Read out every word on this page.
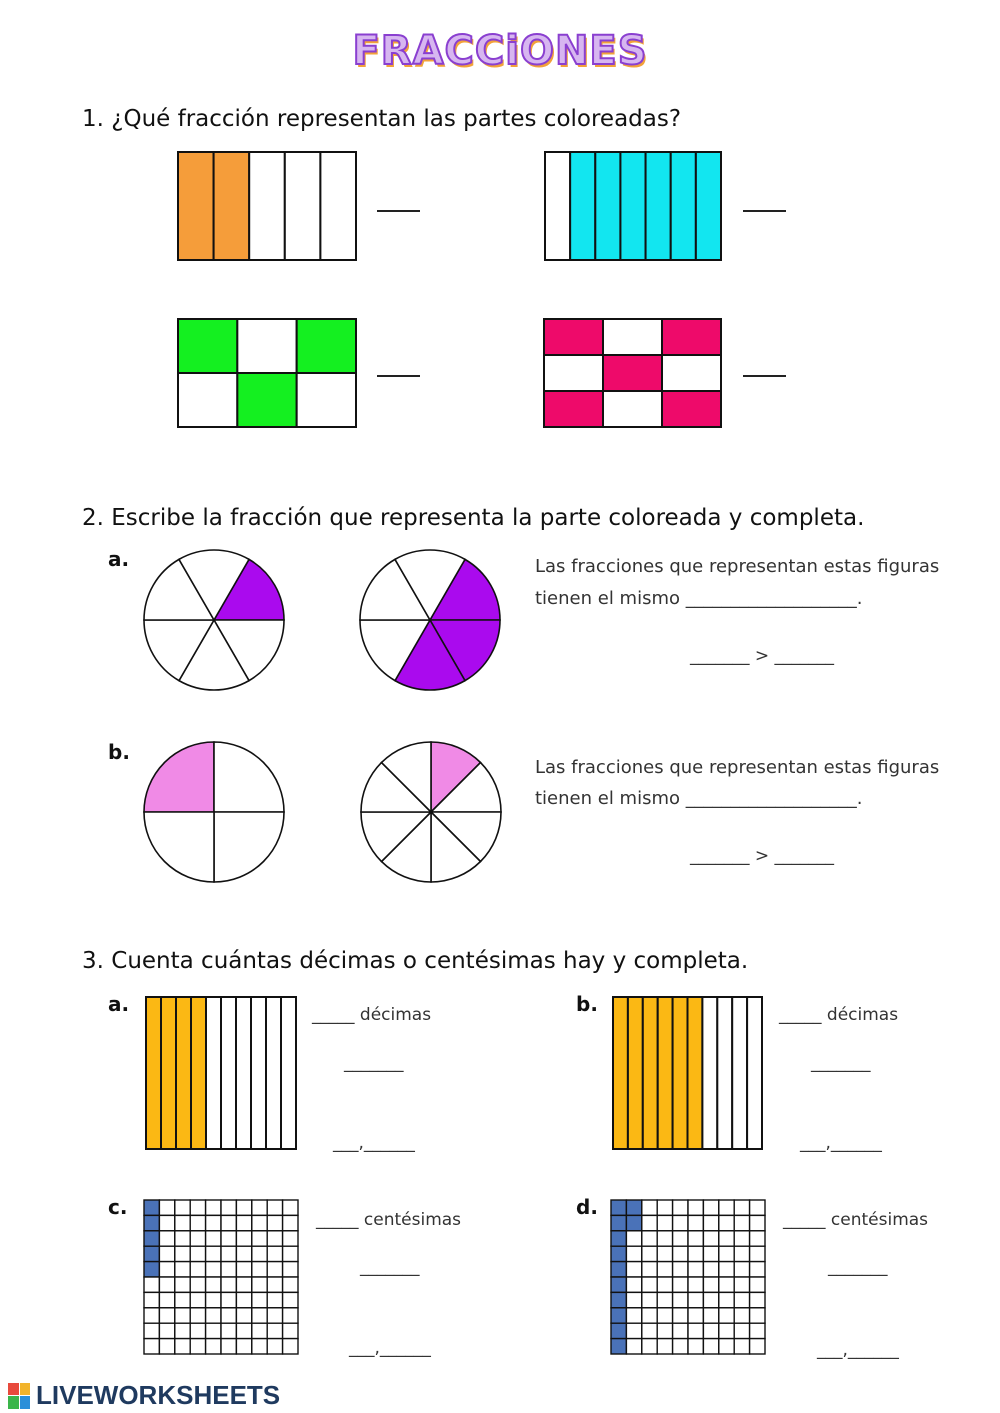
FRACCiONES
1. ¿Qué fracción representan las partes coloreadas?
2. Escribe la fracción que representa la parte coloreada y completa.
a.	Las fracciones que representan estas figuras
tienen el mismo ___________________.
_______ > _______
b.
Las fracciones que representan estas figuras
tienen el mismo ___________________.
_______ > _______
3. Cuenta cuántas décimas o centésimas hay y completa.
a.	_____ décimas
_______
___,______
b.	_____ décimas
_______
___,______
c.
_____ centésimas
_______
___,______
d.
_____ centésimas
_______
___,______
LIVEWORKSHEETS
